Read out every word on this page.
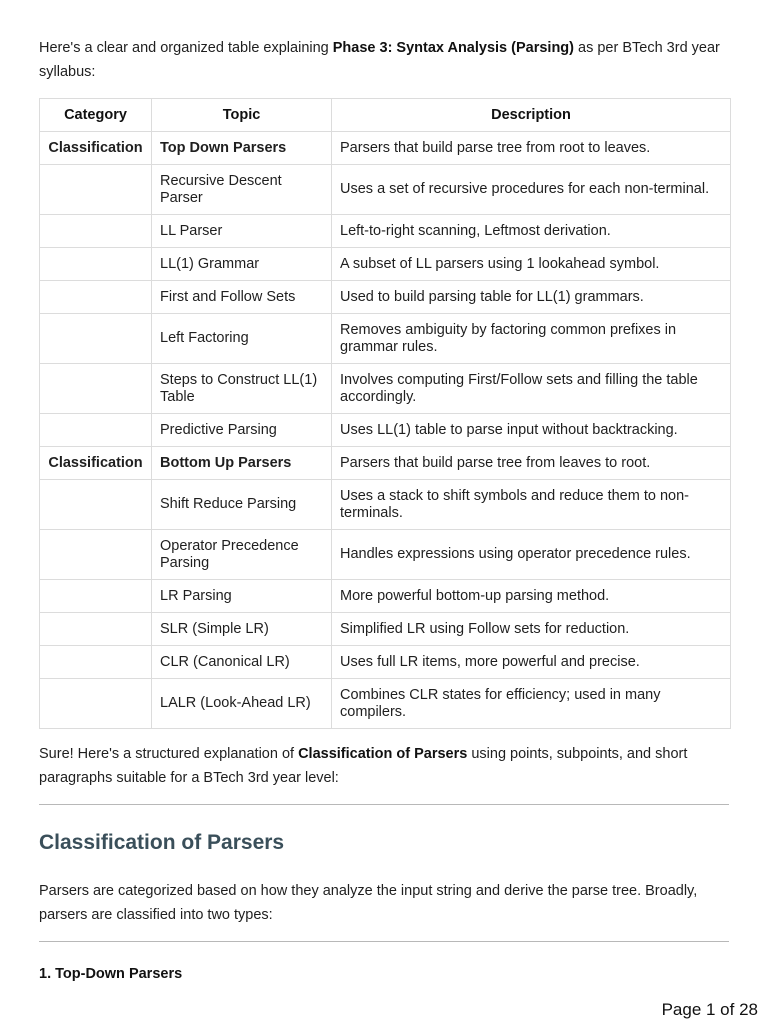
Here's a clear and organized table explaining Phase 3: Syntax Analysis (Parsing) as per BTech 3rd year syllabus:

Category	Topic	Description
Classification	Top Down Parsers	Parsers that build parse tree from root to leaves.
	Recursive Descent Parser	Uses a set of recursive procedures for each non-terminal.
	LL Parser	Left-to-right scanning, Leftmost derivation.
	LL(1) Grammar	A subset of LL parsers using 1 lookahead symbol.
	First and Follow Sets	Used to build parsing table for LL(1) grammars.
	Left Factoring	Removes ambiguity by factoring common prefixes in grammar rules.
	Steps to Construct LL(1) Table	Involves computing First/Follow sets and filling the table accordingly.
	Predictive Parsing	Uses LL(1) table to parse input without backtracking.
Classification	Bottom Up Parsers	Parsers that build parse tree from leaves to root.
	Shift Reduce Parsing	Uses a stack to shift symbols and reduce them to non-terminals.
	Operator Precedence Parsing	Handles expressions using operator precedence rules.
	LR Parsing	More powerful bottom-up parsing method.
	SLR (Simple LR)	Simplified LR using Follow sets for reduction.
	CLR (Canonical LR)	Uses full LR items, more powerful and precise.
	LALR (Look-Ahead LR)	Combines CLR states for efficiency; used in many compilers.

Sure! Here's a structured explanation of Classification of Parsers using points, subpoints, and short paragraphs suitable for a BTech 3rd year level:

Classification of Parsers

Parsers are categorized based on how they analyze the input string and derive the parse tree. Broadly, parsers are classified into two types:

1. Top-Down Parsers
Page 1 of 28
